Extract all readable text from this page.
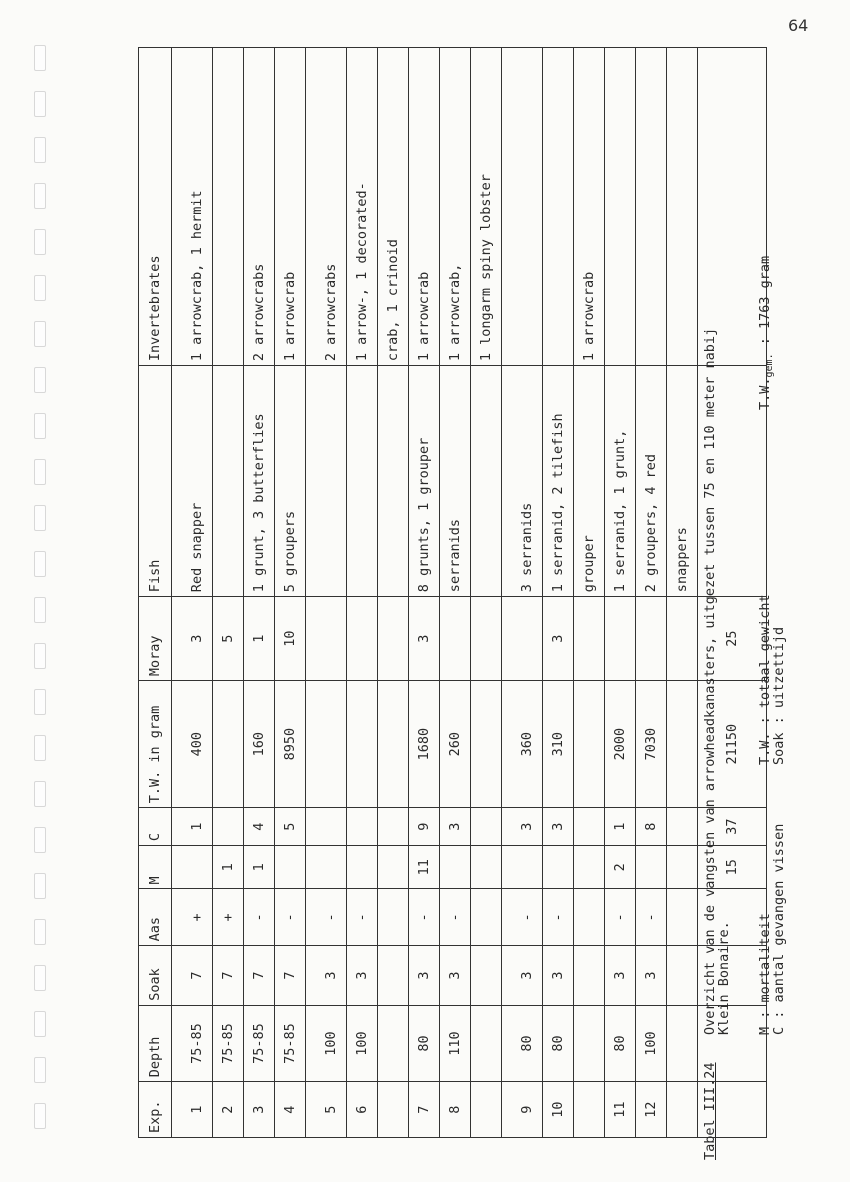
64
Exp.	Depth	Soak	Aas	M	C	T.W. in gram	Moray	Fish	Invertebrates
1	75-85	7	+		1	400	3	Red snapper	1 arrowcrab, 1 hermit
2	75-85	7	+	1			5		
3	75-85	7	-	1	4	160	1	1 grunt, 3 butterflies	2 arrowcrabs
4	75-85	7	-		5	8950	10	5 groupers	1 arrowcrab
5	100	3	-						2 arrowcrabs
6	100	3	-						1 arrow-, 1 decorated-
									crab, 1 crinoid
7	80	3	-	11	9	1680	3	8 grunts, 1 grouper	1 arrowcrab
8	110	3	-		3	260		serranids	1 arrowcrab,
									1 longarm spiny lobster
9	80	3	-		3	360		3 serranids	
10	80	3	-		3	310	3	1 serranid, 2 tilefish	
								grouper	1 arrowcrab
11	80	3	-	2	1	2000		1 serranid, 1 grunt,	
12	100	3	-		8	7030		2 groupers, 4 red	
								snappers	
				15	37	21150	25		
Tabel III.24
Overzicht van de vangsten van arrowheadkanasters, uitgezet tussen 75 en 110 meter nabij
Klein Bonaire. M : mortaliteit
C : aantal gevangen vissen
T.W. : totaal gewicht
Soak : uitzettijd
$T.W._{gem.}$ : 1763 gram
